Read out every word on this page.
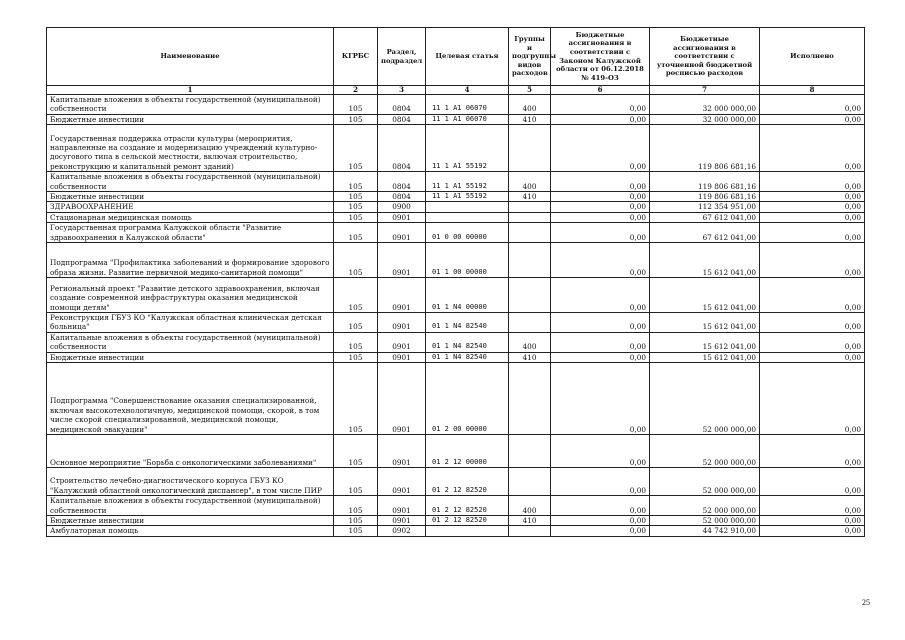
Наименование	КГРБС	Раздел, подраздел	Целевая статья	Группы и подгруппы видов расходов	Бюджетные ассигнования в соответствии с Законом Калужской области от 06.12.2018 № 419-ОЗ	Бюджетные ассигнования в соответствии с уточненной бюджетной росписью расходов	Исполнено
1	2	3	4	5	6	7	8
Капитальные вложения в объекты государственной (муниципальной) собственности	105	0804	11 1 A1 06070	400	0,00	32 000 000,00	0,00
Бюджетные инвестиции	105	0804	11 1 A1 06070	410	0,00	32 000 000,00	0,00
Государственная поддержка отрасли культуры (мероприятия, направленные на создание и модернизацию учреждений культурно-досугового типа в сельской местности, включая строительство, реконструкцию и капитальный ремонт зданий)	105	0804	11 1 A1 55192		0,00	119 806 681,16	0,00
Капитальные вложения в объекты государственной (муниципальной) собственности	105	0804	11 1 A1 55192	400	0,00	119 806 681,16	0,00
Бюджетные инвестиции	105	0804	11 1 A1 55192	410	0,00	119 806 681,16	0,00
ЗДРАВООХРАНЕНИЕ	105	0900			0,00	112 354 951,00	0,00
Стационарная медицинская помощь	105	0901			0,00	67 612 041,00	0,00
Государственная программа Калужской области "Развитие здравоохранения в Калужской области"	105	0901	01 0 00 00000		0,00	67 612 041,00	0,00
Подпрограмма "Профилактика заболеваний и формирование здорового образа жизни. Развитие первичной медико-санитарной помощи"	105	0901	01 1 00 00000		0,00	15 612 041,00	0,00
Региональный проект "Развитие детского здравоохранения, включая создание современной инфраструктуры оказания медицинской помощи детям"	105	0901	01 1 N4 00000		0,00	15 612 041,00	0,00
Реконструкция ГБУЗ КО "Калужская областная клиническая детская больница"	105	0901	01 1 N4 82540		0,00	15 612 041,00	0,00
Капитальные вложения в объекты государственной (муниципальной) собственности	105	0901	01 1 N4 82540	400	0,00	15 612 041,00	0,00
Бюджетные инвестиции	105	0901	01 1 N4 82540	410	0,00	15 612 041,00	0,00
Подпрограмма "Совершенствование оказания специализированной, включая высокотехнологичную, медицинской помощи, скорой, в том числе скорой специализированной, медицинской помощи, медицинской эвакуации"	105	0901	01 2 00 00000		0,00	52 000 000,00	0,00
Основное мероприятие "Борьба с онкологическими заболеваниями"	105	0901	01 2 12 00000		0,00	52 000 000,00	0,00
Строительство лечебно-диагностического корпуса ГБУЗ КО "Калужский областной онкологический диспансер", в том числе ПИР	105	0901	01 2 12 82520		0,00	52 000 000,00	0,00
Капитальные вложения в объекты государственной (муниципальной) собственности	105	0901	01 2 12 82520	400	0,00	52 000 000,00	0,00
Бюджетные инвестиции	105	0901	01 2 12 82520	410	0,00	52 000 000,00	0,00
Амбулаторная помощь	105	0902			0,00	44 742 910,00	0,00
25
